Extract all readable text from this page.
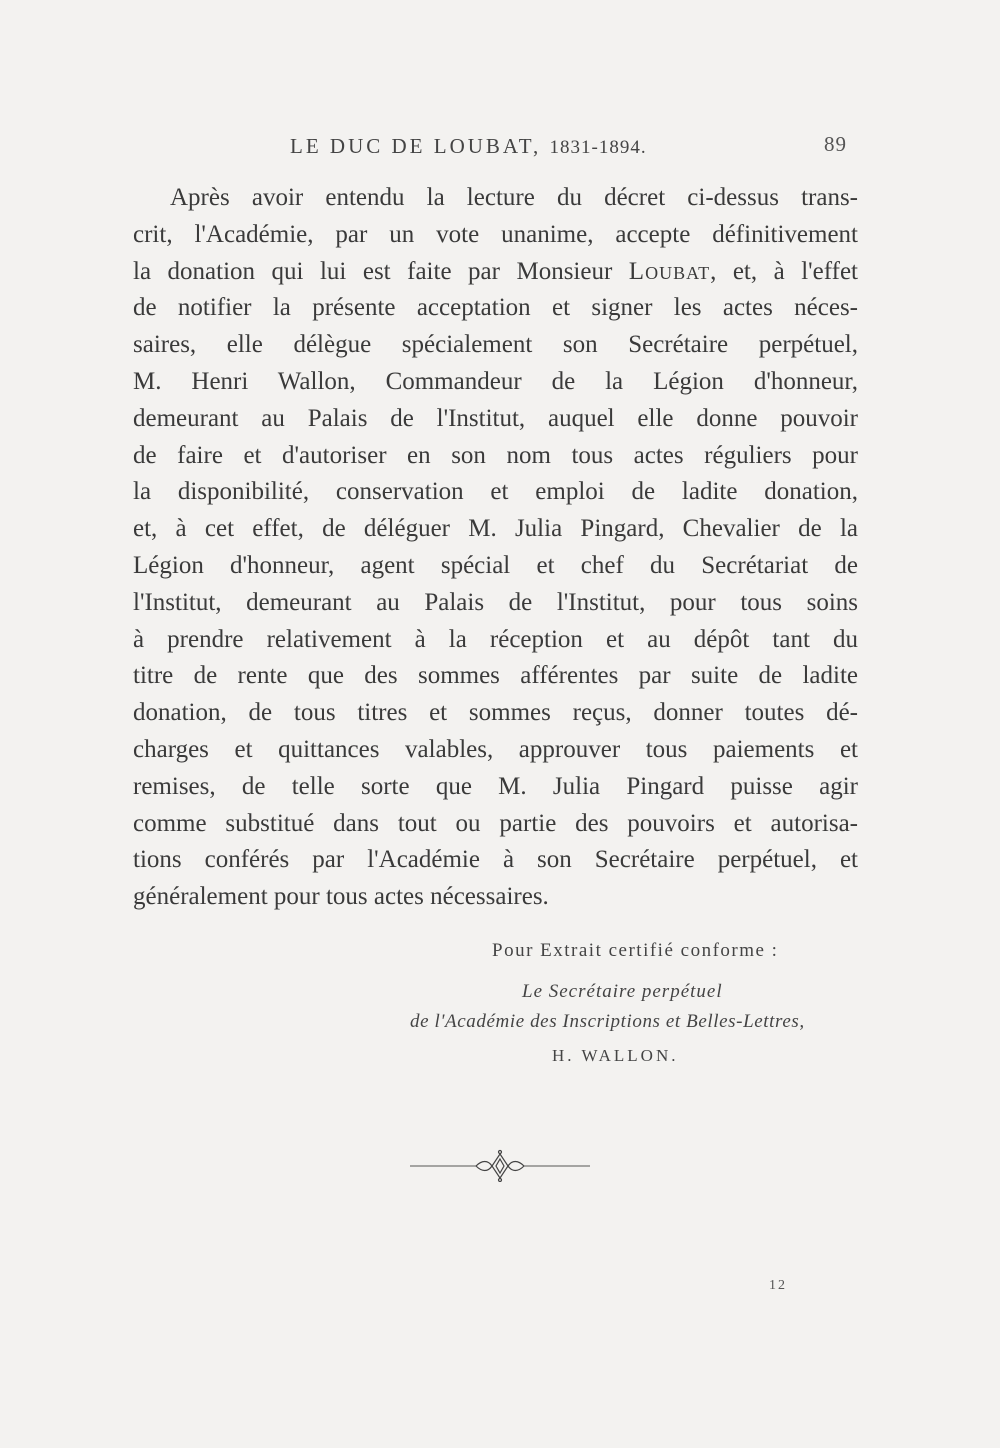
LE DUC DE LOUBAT, 1831-1894.	89
Après avoir entendu la lecture du décret ci-dessus trans-
crit, l'Académie, par un vote unanime, accepte définitivement
la donation qui lui est faite par Monsieur Loubat, et, à l'effet
de notifier la présente acceptation et signer les actes néces-
saires, elle délègue spécialement son Secrétaire perpétuel,
M. Henri Wallon, Commandeur de la Légion d'honneur,
demeurant au Palais de l'Institut, auquel elle donne pouvoir
de faire et d'autoriser en son nom tous actes réguliers pour
la disponibilité, conservation et emploi de ladite donation,
et, à cet effet, de déléguer M. Julia Pingard, Chevalier de la
Légion d'honneur, agent spécial et chef du Secrétariat de
l'Institut, demeurant au Palais de l'Institut, pour tous soins
à prendre relativement à la réception et au dépôt tant du
titre de rente que des sommes afférentes par suite de ladite
donation, de tous titres et sommes reçus, donner toutes dé-
charges et quittances valables, approuver tous paiements et
remises, de telle sorte que M. Julia Pingard puisse agir
comme substitué dans tout ou partie des pouvoirs et autorisa-
tions conférés par l'Académie à son Secrétaire perpétuel, et
généralement pour tous actes nécessaires.
Pour Extrait certifié conforme :
Le Secrétaire perpétuel
de l'Académie des Inscriptions et Belles-Lettres,
H. WALLON.
12
